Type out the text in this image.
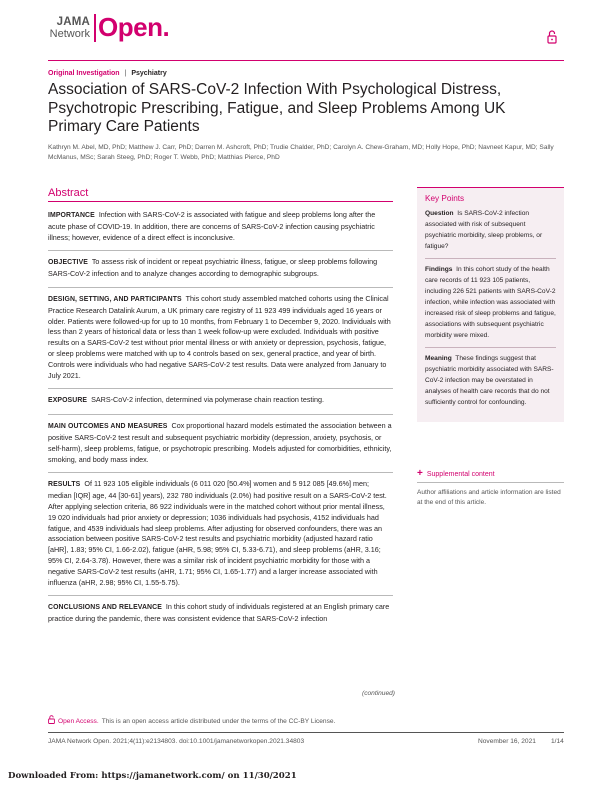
JAMA
Network Open.
Original Investigation | Psychiatry
Association of SARS-CoV-2 Infection With Psychological Distress, Psychotropic Prescribing, Fatigue, and Sleep Problems Among UK Primary Care Patients
Kathryn M. Abel, MD, PhD; Matthew J. Carr, PhD; Darren M. Ashcroft, PhD; Trudie Chalder, PhD; Carolyn A. Chew-Graham, MD; Holly Hope, PhD; Navneet Kapur, MD; Sally McManus, MSc; Sarah Steeg, PhD; Roger T. Webb, PhD; Matthias Pierce, PhD
Abstract

IMPORTANCE Infection with SARS-CoV-2 is associated with fatigue and sleep problems long after the acute phase of COVID-19. In addition, there are concerns of SARS-CoV-2 infection causing psychiatric illness; however, evidence of a direct effect is inconclusive.

OBJECTIVE To assess risk of incident or repeat psychiatric illness, fatigue, or sleep problems following SARS-CoV-2 infection and to analyze changes according to demographic subgroups.

DESIGN, SETTING, AND PARTICIPANTS This cohort study assembled matched cohorts using the Clinical Practice Research Datalink Aurum, a UK primary care registry of 11 923 499 individuals aged 16 years or older. Patients were followed-up for up to 10 months, from February 1 to December 9, 2020. Individuals with less than 2 years of historical data or less than 1 week follow-up were excluded. Individuals with positive results on a SARS-CoV-2 test without prior mental illness or with anxiety or depression, psychosis, fatigue, or sleep problems were matched with up to 4 controls based on sex, general practice, and year of birth. Controls were individuals who had negative SARS-CoV-2 test results. Data were analyzed from January to July 2021.

EXPOSURE SARS-CoV-2 infection, determined via polymerase chain reaction testing.

MAIN OUTCOMES AND MEASURES Cox proportional hazard models estimated the association between a positive SARS-CoV-2 test result and subsequent psychiatric morbidity (depression, anxiety, psychosis, or self-harm), sleep problems, fatigue, or psychotropic prescribing. Models adjusted for comorbidities, ethnicity, smoking, and body mass index.

RESULTS Of 11 923 105 eligible individuals (6 011 020 [50.4%] women and 5 912 085 [49.6%] men; median [IQR] age, 44 [30-61] years), 232 780 individuals (2.0%) had positive result on a SARS-CoV-2 test. After applying selection criteria, 86 922 individuals were in the matched cohort without prior mental illness, 19 020 individuals had prior anxiety or depression; 1036 individuals had psychosis, 4152 individuals had fatigue, and 4539 individuals had sleep problems. After adjusting for observed confounders, there was an association between positive SARS-CoV-2 test results and psychiatric morbidity (adjusted hazard ratio [aHR], 1.83; 95% CI, 1.66-2.02), fatigue (aHR, 5.98; 95% CI, 5.33-6.71), and sleep problems (aHR, 3.16; 95% CI, 2.64-3.78). However, there was a similar risk of incident psychiatric morbidity for those with a negative SARS-CoV-2 test results (aHR, 1.71; 95% CI, 1.65-1.77) and a larger increase associated with influenza (aHR, 2.98; 95% CI, 1.55-5.75).

CONCLUSIONS AND RELEVANCE In this cohort study of individuals registered at an English primary care practice during the pandemic, there was consistent evidence that SARS-CoV-2 infection

(continued)
Key Points

Question Is SARS-CoV-2 infection associated with risk of subsequent psychiatric morbidity, sleep problems, or fatigue?

Findings In this cohort study of the health care records of 11 923 105 patients, including 226 521 patients with SARS-CoV-2 infection, while infection was associated with increased risk of sleep problems and fatigue, associations with subsequent psychiatric morbidity were mixed.

Meaning These findings suggest that psychiatric morbidity associated with SARS-CoV-2 infection may be overstated in analyses of health care records that do not sufficiently control for confounding.

+ Supplemental content
Author affiliations and article information are listed at the end of this article.
Open Access. This is an open access article distributed under the terms of the CC-BY License.
JAMA Network Open. 2021;4(11):e2134803. doi:10.1001/jamanetworkopen.2021.34803	November 16, 2021 1/14
Downloaded From: https://jamanetwork.com/ on 11/30/2021
